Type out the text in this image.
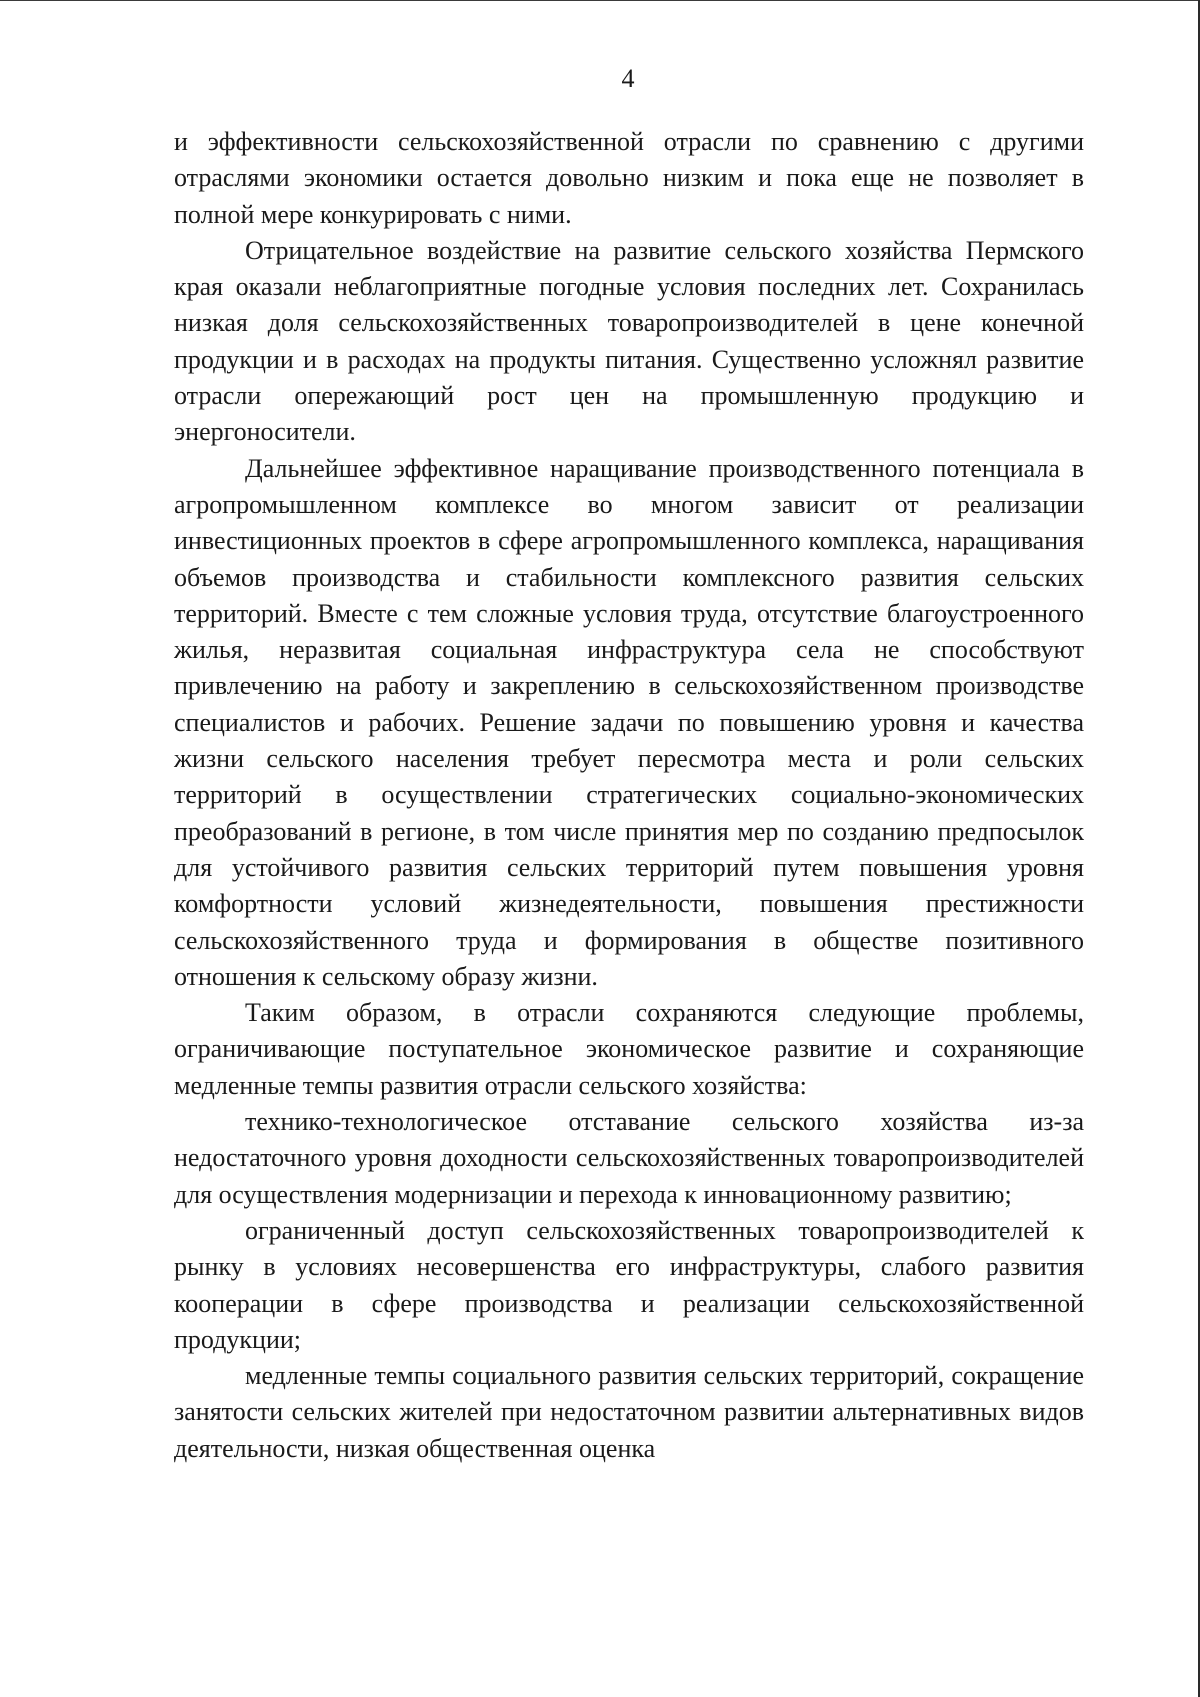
4

и эффективности сельскохозяйственной отрасли по сравнению с другими отраслями экономики остается довольно низким и пока еще не позволяет в полной мере конкурировать с ними.

Отрицательное воздействие на развитие сельского хозяйства Пермского края оказали неблагоприятные погодные условия последних лет. Сохранилась низкая доля сельскохозяйственных товаропроизводителей в цене конечной продукции и в расходах на продукты питания. Существенно усложнял развитие отрасли опережающий рост цен на промышленную продукцию и энергоносители.

Дальнейшее эффективное наращивание производственного потенциала в агропромышленном комплексе во многом зависит от реализации инвестиционных проектов в сфере агропромышленного комплекса, наращивания объемов производства и стабильности комплексного развития сельских территорий. Вместе с тем сложные условия труда, отсутствие благоустроенного жилья, неразвитая социальная инфраструктура села не способствуют привлечению на работу и закреплению в сельскохозяйственном производстве специалистов и рабочих. Решение задачи по повышению уровня и качества жизни сельского населения требует пересмотра места и роли сельских территорий в осуществлении стратегических социально-экономических преобразований в регионе, в том числе принятия мер по созданию предпосылок для устойчивого развития сельских территорий путем повышения уровня комфортности условий жизнедеятельности, повышения престижности сельскохозяйственного труда и формирования в обществе позитивного отношения к сельскому образу жизни.

Таким образом, в отрасли сохраняются следующие проблемы, ограничивающие поступательное экономическое развитие и сохраняющие медленные темпы развития отрасли сельского хозяйства:

технико-технологическое отставание сельского хозяйства из-за недостаточного уровня доходности сельскохозяйственных товаропроизводителей для осуществления модернизации и перехода к инновационному развитию;

ограниченный доступ сельскохозяйственных товаропроизводителей к рынку в условиях несовершенства его инфраструктуры, слабого развития кооперации в сфере производства и реализации сельскохозяйственной продукции;

медленные темпы социального развития сельских территорий, сокращение занятости сельских жителей при недостаточном развитии альтернативных видов деятельности, низкая общественная оценка
